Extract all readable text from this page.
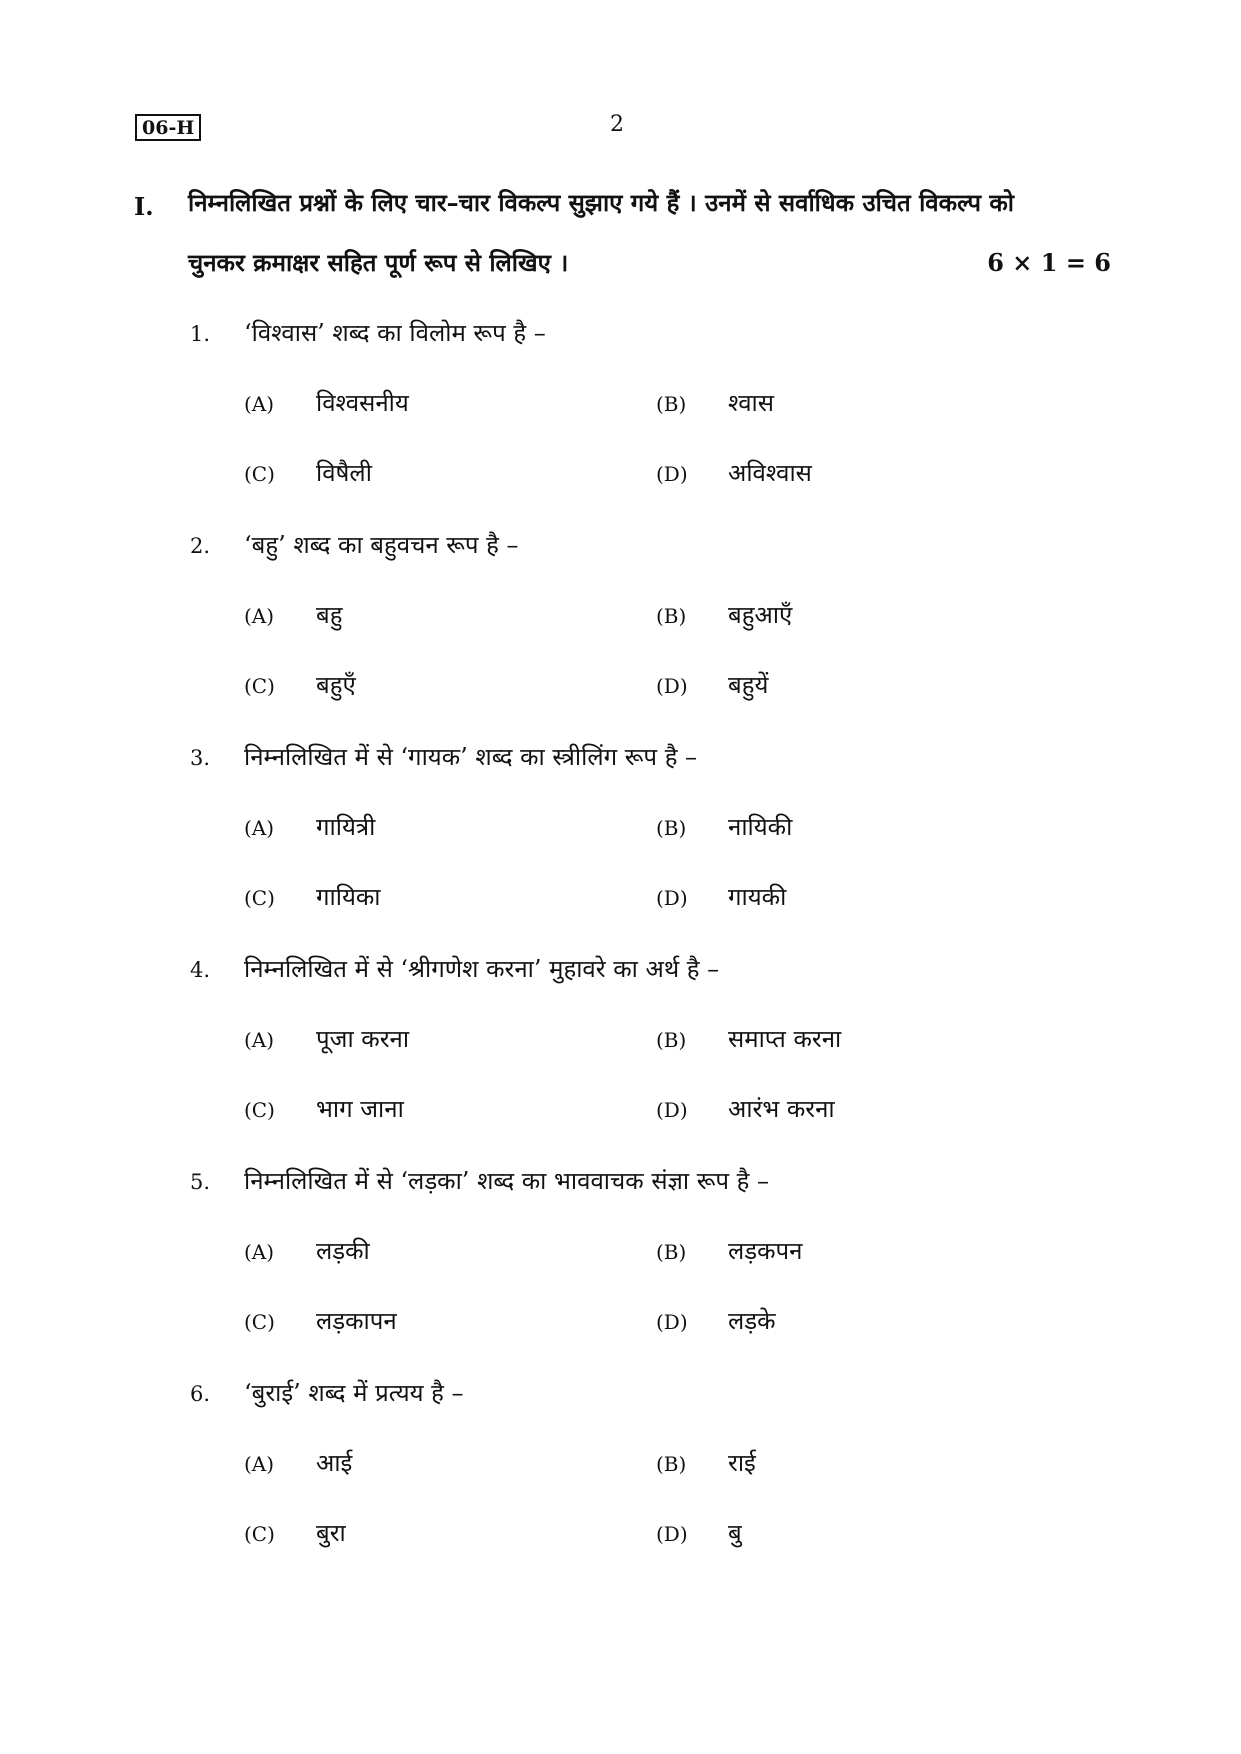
06-H	2
I. निम्नलिखित प्रश्नों के लिए चार–चार विकल्प सुझाए गये हैं । उनमें से सर्वाधिक उचित विकल्प को
चुनकर क्रमाक्षर सहित पूर्ण रूप से लिखिए ।	6 × 1 = 6
1. ‘विश्वास’ शब्द का विलोम रूप है –
(A) विश्वसनीय	(B) श्वास
(C) विषैली	(D) अविश्वास
2. ‘बहु’ शब्द का बहुवचन रूप है –
(A) बहु	(B) बहुआएँ
(C) बहुएँ	(D) बहुयें
3. निम्नलिखित में से ‘गायक’ शब्द का स्त्रीलिंग रूप है –
(A) गायित्री	(B) नायिकी
(C) गायिका	(D) गायकी
4. निम्नलिखित में से ‘श्रीगणेश करना’ मुहावरे का अर्थ है –
(A) पूजा करना	(B) समाप्त करना
(C) भाग जाना	(D) आरंभ करना
5. निम्नलिखित में से ‘लड़का’ शब्द का भाववाचक संज्ञा रूप है –
(A) लड़की	(B) लड़कपन
(C) लड़कापन	(D) लड़के
6. ‘बुराई’ शब्द में प्रत्यय है –
(A) आई	(B) राई
(C) बुरा	(D) बु
